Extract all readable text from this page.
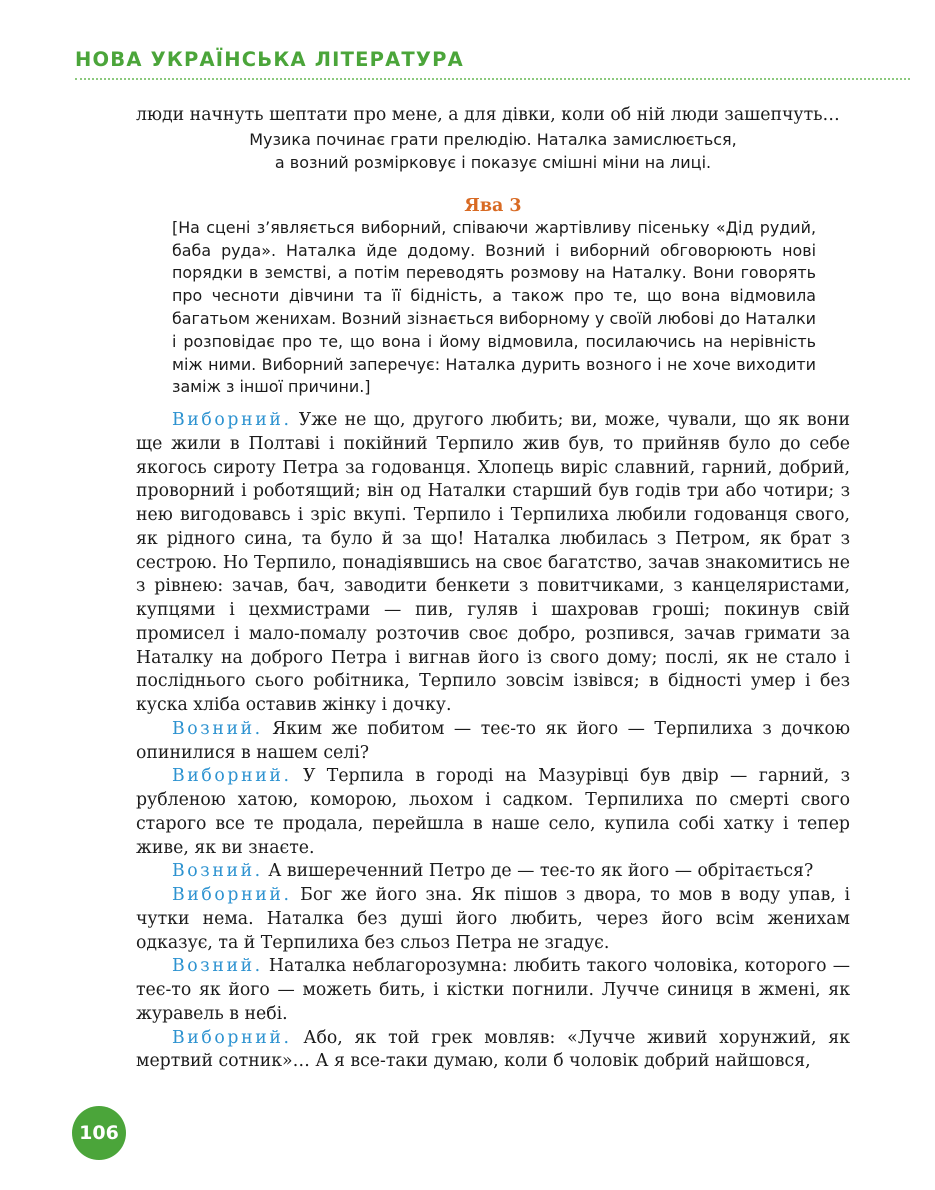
НОВА УКРАЇНСЬКА ЛІТЕРАТУРА

люди начнуть шептати про мене, а для дівки, коли об ній люди зашепчуть…

Музика починає грати прелюдію. Наталка замислюється,
а возний розмірковує і показує смішні міни на лиці.

Ява 3

[На сцені з’являється виборний, співаючи жартівливу пісеньку «Дід рудий, баба руда». Наталка йде додому. Возний і виборний обговорюють нові порядки в земстві, а потім переводять розмову на Наталку. Вони говорять про чесноти дівчини та її бідність, а також про те, що вона відмовила багатьом женихам. Возний зізнається виборному у своїй любові до Наталки і розповідає про те, що вона і йому відмовила, посилаючись на нерівність між ними. Виборний заперечує: Наталка дурить возного і не хоче виходити заміж з іншої причини.]

Виборний. Уже не що, другого любить; ви, може, чували, що як вони ще жили в Полтаві і покійний Терпило жив був, то прийняв було до себе якогось сироту Петра за годованця. Хлопець виріс славний, гарний, добрий, проворний і роботящий; він од Наталки старший був годів три або чотири; з нею вигодовавсь і зріс вкупі. Терпило і Терпилиха любили годованця свого, як рідного сина, та було й за що! Наталка любилась з Петром, як брат з сестрою. Но Терпило, понадіявшись на своє багатство, зачав знакомитись не з рівнею: зачав, бач, заводити бенкети з повитчиками, з канцеляристами, купцями і цехмистрами — пив, гуляв і шахровав гроші; покинув свій промисел і мало-помалу розточив своє добро, розпився, зачав гримати за Наталку на доброго Петра і вигнав його із свого дому; послі, як не стало і посліднього сього робітника, Терпило зовсім ізвівся; в бідності умер і без куска хліба оставив жінку і дочку.

Возний. Яким же побитом — теє-то як його — Терпилиха з дочкою опинилися в нашем селі?

Виборний. У Терпила в городі на Мазурівці був двір — гарний, з рубленою хатою, коморою, льохом і садком. Терпилиха по смерті свого старого все те продала, перейшла в наше село, купила собі хатку і тепер живе, як ви знаєте.

Возний. А вишереченний Петро де — теє-то як його — обрітається?

Виборний. Бог же його зна. Як пішов з двора, то мов в воду упав, і чутки нема. Наталка без душі його любить, через його всім женихам одказує, та й Терпилиха без сльоз Петра не згадує.

Возний. Наталка неблагорозумна: любить такого чоловіка, которого — теє-то як його — можеть бить, і кістки погнили. Лучче синиця в жмені, як журавель в небі.

Виборний. Або, як той грек мовляв: «Лучче живий хорунжий, як мертвий сотник»… А я все-таки думаю, коли б чоловік добрий найшовся,

106
